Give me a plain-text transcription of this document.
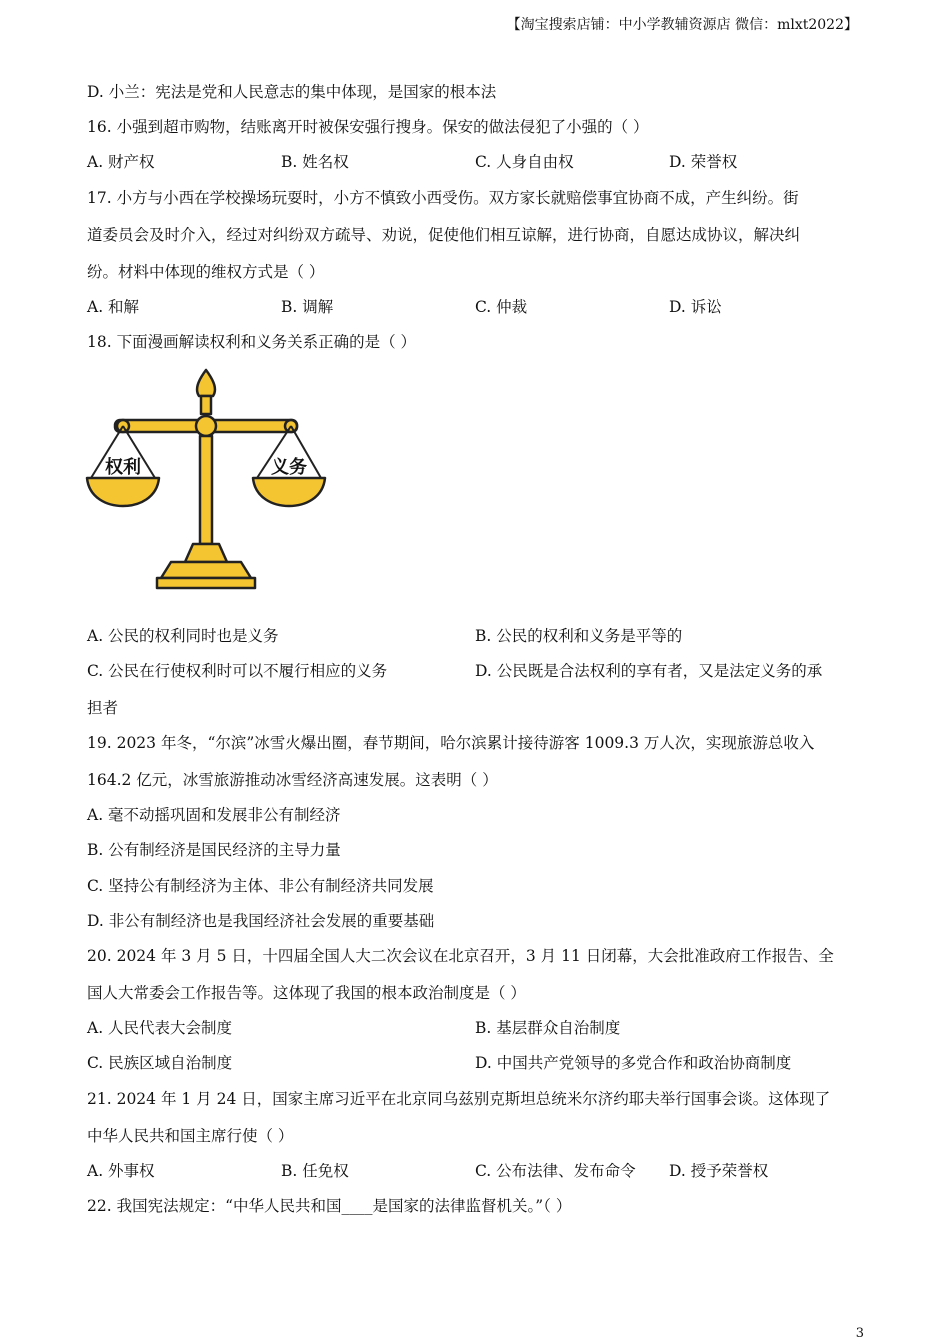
【淘宝搜索店铺：中小学教辅资源店 微信：mlxt2022】
D. 小兰：宪法是党和人民意志的集中体现，是国家的根本法
16. 小强到超市购物，结账离开时被保安强行搜身。保安的做法侵犯了小强的（ ）
A. 财产权	B. 姓名权	C. 人身自由权	D. 荣誉权
17. 小方与小西在学校操场玩耍时，小方不慎致小西受伤。双方家长就赔偿事宜协商不成，产生纠纷。街
道委员会及时介入，经过对纠纷双方疏导、劝说，促使他们相互谅解，进行协商，自愿达成协议，解决纠
纷。材料中体现的维权方式是（ ）
A. 和解	B. 调解	C. 仲裁	D. 诉讼
18. 下面漫画解读权利和义务关系正确的是（ ）
权利	义务
A. 公民的权利同时也是义务	B. 公民的权利和义务是平等的
C. 公民在行使权利时可以不履行相应的义务	D. 公民既是合法权利的享有者，又是法定义务的承
担者
19. 2023 年冬，“尔滨”冰雪火爆出圈，春节期间，哈尔滨累计接待游客 1009.3 万人次，实现旅游总收入
164.2 亿元，冰雪旅游推动冰雪经济高速发展。这表明（ ）
A. 毫不动摇巩固和发展非公有制经济
B. 公有制经济是国民经济的主导力量
C. 坚持公有制经济为主体、非公有制经济共同发展
D. 非公有制经济也是我国经济社会发展的重要基础
20. 2024 年 3 月 5 日，十四届全国人大二次会议在北京召开，3 月 11 日闭幕，大会批准政府工作报告、全
国人大常委会工作报告等。这体现了我国的根本政治制度是（ ）
A. 人民代表大会制度	B. 基层群众自治制度
C. 民族区域自治制度	D. 中国共产党领导的多党合作和政治协商制度
21. 2024 年 1 月 24 日，国家主席习近平在北京同乌兹别克斯坦总统米尔济约耶夫举行国事会谈。这体现了
中华人民共和国主席行使（ ）
A. 外事权	B. 任免权	C. 公布法律、发布命令 D. 授予荣誉权
22. 我国宪法规定：“中华人民共和国____是国家的法律监督机关。”（ ）
3
